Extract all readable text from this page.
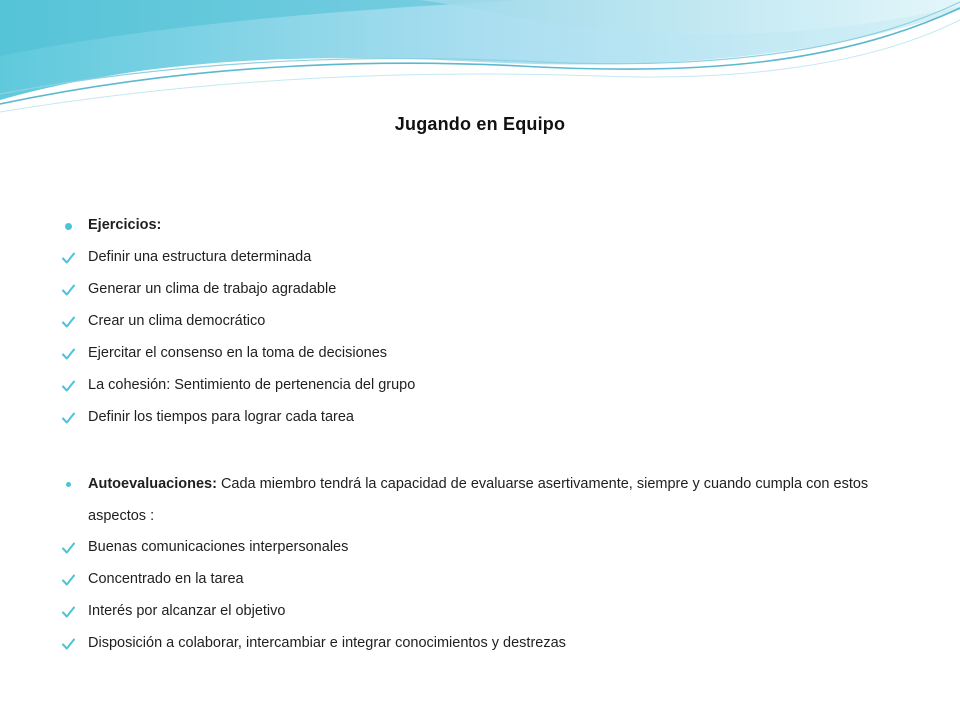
Jugando en Equipo
Ejercicios:
Definir una estructura determinada
Generar un clima de trabajo agradable
Crear un clima democrático
Ejercitar el consenso en la toma de decisiones
La cohesión: Sentimiento de pertenencia del grupo
Definir los tiempos para lograr cada tarea
Autoevaluaciones: Cada miembro tendrá la capacidad de evaluarse asertivamente, siempre y cuando cumpla con estos aspectos :
Buenas comunicaciones interpersonales
Concentrado en la tarea
Interés por alcanzar el objetivo
Disposición a colaborar, intercambiar e integrar conocimientos y destrezas
